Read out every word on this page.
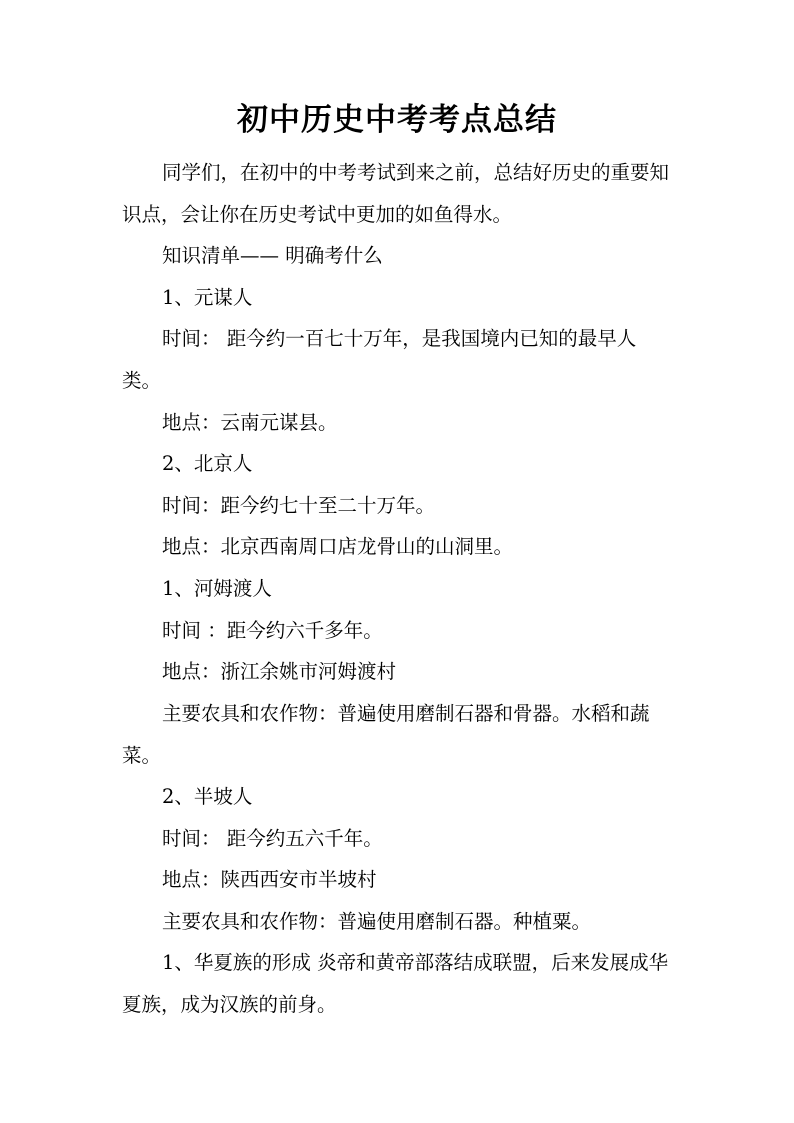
初中历史中考考点总结

同学们，在初中的中考考试到来之前，总结好历史的重要知识点，会让你在历史考试中更加的如鱼得水。

知识清单—— 明确考什么

1、元谋人

时间： 距今约一百七十万年，是我国境内已知的最早人类。

地点：云南元谋县。

2、北京人

时间：距今约七十至二十万年。

地点：北京西南周口店龙骨山的山洞里。

1、河姆渡人

时间 ：距今约六千多年。

地点：浙江余姚市河姆渡村

主要农具和农作物：普遍使用磨制石器和骨器。水稻和蔬菜。

2、半坡人

时间： 距今约五六千年。

地点：陕西西安市半坡村

主要农具和农作物：普遍使用磨制石器。种植粟。

1、华夏族的形成 炎帝和黄帝部落结成联盟，后来发展成华夏族，成为汉族的前身。
